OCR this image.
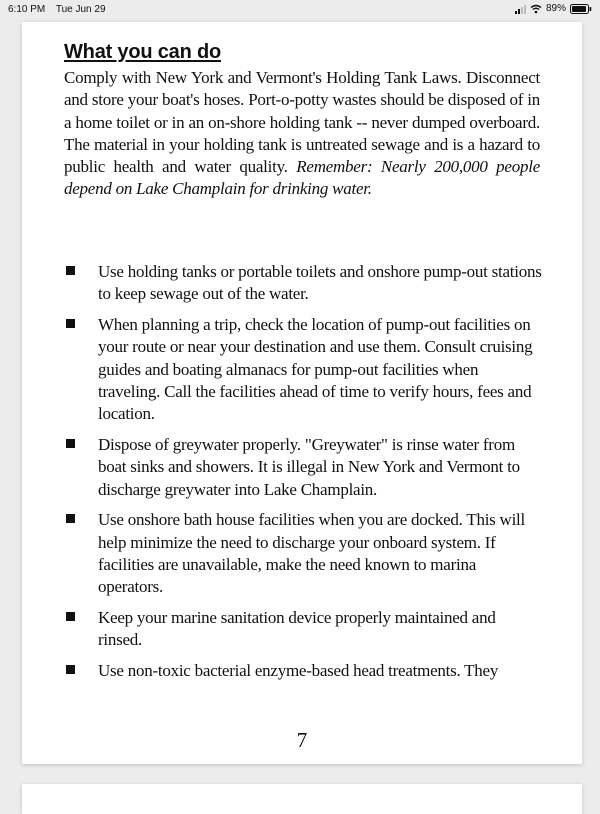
6:10 PM Tue Jun 29	89%
What you can do

Comply with New York and Vermont's Holding Tank Laws. Disconnect and store your boat's hoses. Port-o-potty wastes should be disposed of in a home toilet or in an on-shore holding tank -- never dumped overboard. The material in your holding tank is untreated sewage and is a hazard to public health and water quality. Remember: Nearly 200,000 people depend on Lake Champlain for drinking water.

Use holding tanks or portable toilets and onshore pump-out stations to keep sewage out of the water.
When planning a trip, check the location of pump-out facilities on your route or near your destination and use them. Consult cruising guides and boating almanacs for pump-out facilities when traveling. Call the facilities ahead of time to verify hours, fees and location.
Dispose of greywater properly. "Greywater" is rinse water from boat sinks and showers. It is illegal in New York and Vermont to discharge greywater into Lake Champlain.
Use onshore bath house facilities when you are docked. This will help minimize the need to discharge your onboard system. If facilities are unavailable, make the need known to marina operators.
Keep your marine sanitation device properly maintained and rinsed.
Use non-toxic bacterial enzyme-based head treatments. They
7
